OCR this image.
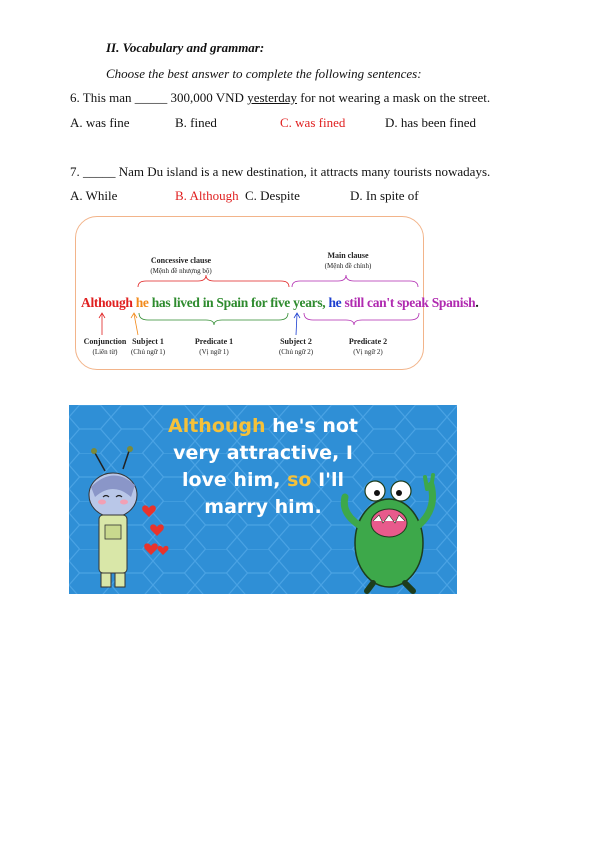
II. Vocabulary and grammar:
Choose the best answer to complete the following sentences:
6. This man _____ 300,000 VND yesterday for not wearing a mask on the street.
A. was fine	B. fined	C. was fined	D. has been fined
7. _____ Nam Du island is a new destination, it attracts many tourists nowadays.
A. While	B. Although C. Despite	D. In spite of
Concessive clause
(Mệnh đề nhượng bộ)
Main clause
(Mệnh đề chính)
Although he has lived in Spain for five years, he still can't speak Spanish.
Conjunction
(Liên từ)
Subject 1
(Chủ ngữ 1)
Predicate 1
(Vị ngữ 1)
Subject 2
(Chủ ngữ 2)
Predicate 2
(Vị ngữ 2)
Although he's not
very attractive, I
love him, so I'll
marry him.
